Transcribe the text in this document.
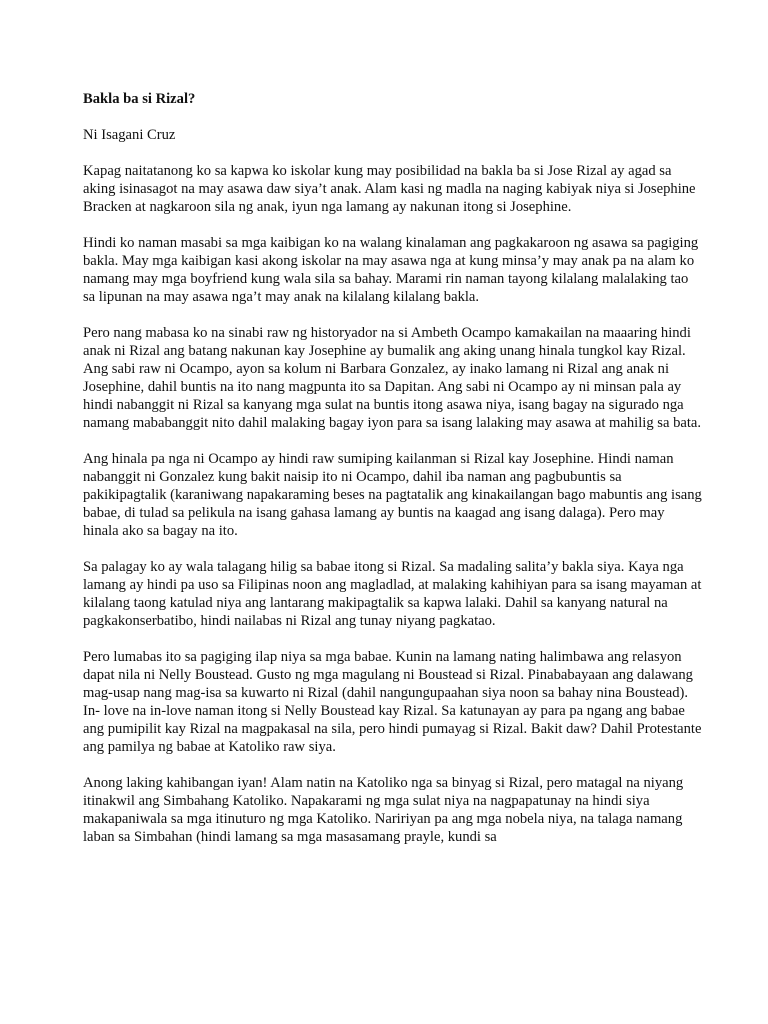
Bakla ba si Rizal?

Ni Isagani Cruz

Kapag naitatanong ko sa kapwa ko iskolar kung may posibilidad na bakla ba si Jose Rizal ay agad sa aking isinasagot na may asawa daw siya’t anak. Alam kasi ng madla na naging kabiyak niya si Josephine Bracken at nagkaroon sila ng anak, iyun nga lamang ay nakunan itong si Josephine.

Hindi ko naman masabi sa mga kaibigan ko na walang kinalaman ang pagkakaroon ng asawa sa pagiging bakla. May mga kaibigan kasi akong iskolar na may asawa nga at kung minsa’y may anak pa na alam ko namang may mga boyfriend kung wala sila sa bahay. Marami rin naman tayong kilalang malalaking tao sa lipunan na may asawa nga’t may anak na kilalang kilalang bakla.

Pero nang mabasa ko na sinabi raw ng historyador na si Ambeth Ocampo kamakailan na maaaring hindi anak ni Rizal ang batang nakunan kay Josephine ay bumalik ang aking unang hinala tungkol kay Rizal. Ang sabi raw ni Ocampo, ayon sa kolum ni Barbara Gonzalez, ay inako lamang ni Rizal ang anak ni Josephine, dahil buntis na ito nang magpunta ito sa Dapitan. Ang sabi ni Ocampo ay ni minsan pala ay hindi nabanggit ni Rizal sa kanyang mga sulat na buntis itong asawa niya, isang bagay na sigurado nga namang mababanggit nito dahil malaking bagay iyon para sa isang lalaking may asawa at mahilig sa bata.

Ang hinala pa nga ni Ocampo ay hindi raw sumiping kailanman si Rizal kay Josephine. Hindi naman nabanggit ni Gonzalez kung bakit naisip ito ni Ocampo, dahil iba naman ang pagbubuntis sa pakikipagtalik (karaniwang napakaraming beses na pagtatalik ang kinakailangan bago mabuntis ang isang babae, di tulad sa pelikula na isang gahasa lamang ay buntis na kaagad ang isang dalaga). Pero may hinala ako sa bagay na ito.

Sa palagay ko ay wala talagang hilig sa babae itong si Rizal. Sa madaling salita’y bakla siya. Kaya nga lamang ay hindi pa uso sa Filipinas noon ang magladlad, at malaking kahihiyan para sa isang mayaman at kilalang taong katulad niya ang lantarang makipagtalik sa kapwa lalaki. Dahil sa kanyang natural na pagkakonserbatibo, hindi nailabas ni Rizal ang tunay niyang pagkatao.

Pero lumabas ito sa pagiging ilap niya sa mga babae. Kunin na lamang nating halimbawa ang relasyon dapat nila ni Nelly Boustead. Gusto ng mga magulang ni Boustead si Rizal. Pinababayaan ang dalawang mag-usap nang mag-isa sa kuwarto ni Rizal (dahil nangungupaahan siya noon sa bahay nina Boustead). In- love na in-love naman itong si Nelly Boustead kay Rizal. Sa katunayan ay para pa ngang ang babae ang pumipilit kay Rizal na magpakasal na sila, pero hindi pumayag si Rizal. Bakit daw? Dahil Protestante ang pamilya ng babae at Katoliko raw siya.

Anong laking kahibangan iyan! Alam natin na Katoliko nga sa binyag si Rizal, pero matagal na niyang itinakwil ang Simbahang Katoliko. Napakarami ng mga sulat niya na nagpapatunay na hindi siya makapaniwala sa mga itinuturo ng mga Katoliko. Naririyan pa ang mga nobela niya, na talaga namang laban sa Simbahan (hindi lamang sa mga masasamang prayle, kundi sa
